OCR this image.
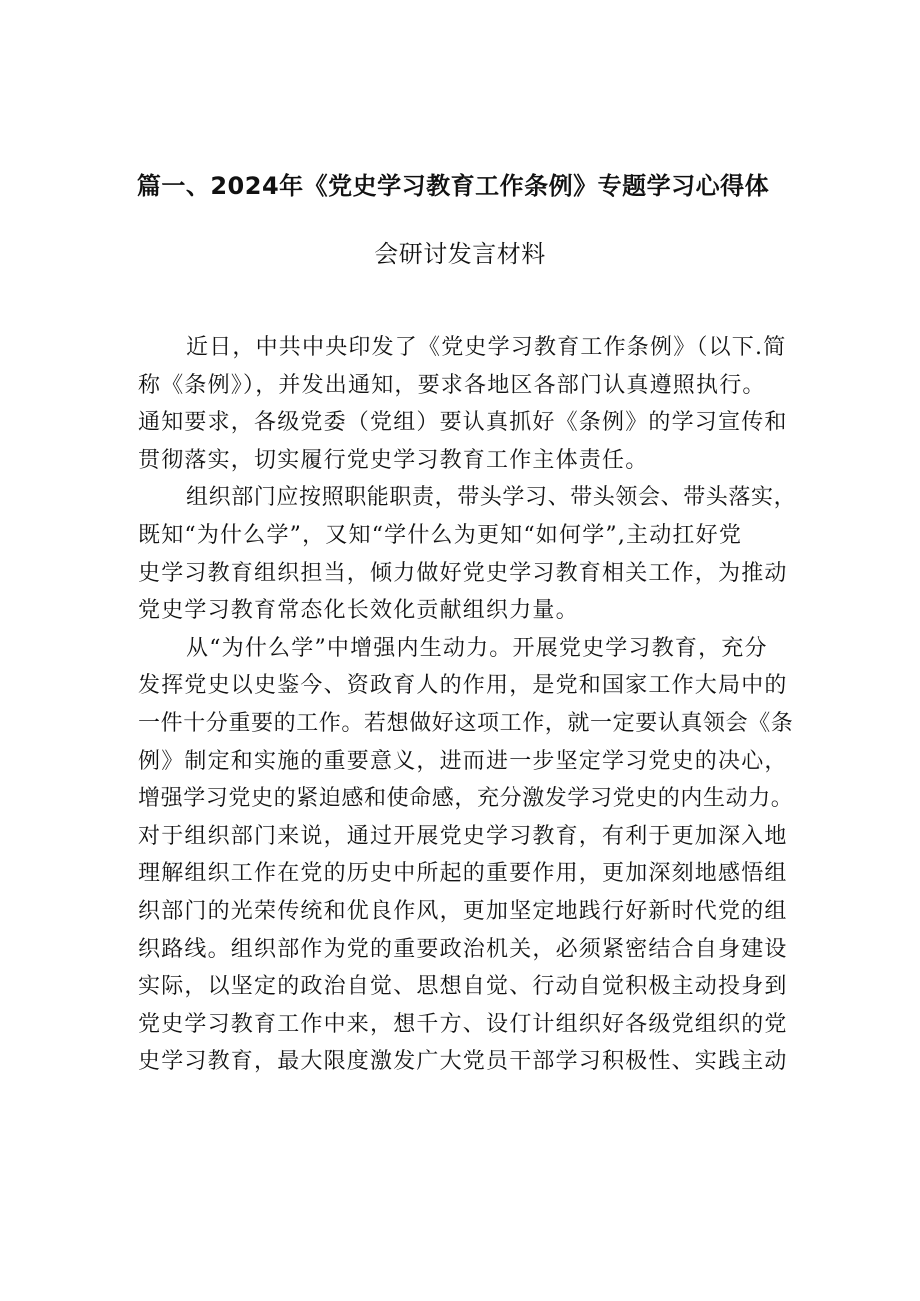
篇一、2024年《党史学习教育工作条例》专题学习心得体
会研讨发言材料
近日，中共中央印发了《党史学习教育工作条例》（以下.简
称《条例》），并发出通知，要求各地区各部门认真遵照执行。
通知要求，各级党委（党组）要认真抓好《条例》的学习宣传和
贯彻落实，切实履行党史学习教育工作主体责任。
组织部门应按照职能职责，带头学习、带头领会、带头落实，
既知“为什么学”，又知“学什么为更知“如何学”,主动扛好党
史学习教育组织担当，倾力做好党史学习教育相关工作，为推动
党史学习教育常态化长效化贡献组织力量。
从“为什么学”中增强内生动力。开展党史学习教育，充分
发挥党史以史鉴今、资政育人的作用，是党和国家工作大局中的
一件十分重要的工作。若想做好这项工作，就一定要认真领会《条
例》制定和实施的重要意义，进而进一步坚定学习党史的决心，
增强学习党史的紧迫感和使命感，充分激发学习党史的内生动力。
对于组织部门来说，通过开展党史学习教育，有利于更加深入地
理解组织工作在党的历史中所起的重要作用，更加深刻地感悟组
织部门的光荣传统和优良作风，更加坚定地践行好新时代党的组
织路线。组织部作为党的重要政治机关，必须紧密结合自身建设
实际，以坚定的政治自觉、思想自觉、行动自觉积极主动投身到
党史学习教育工作中来，想千方、设仃计组织好各级党组织的党
史学习教育，最大限度激发广大党员干部学习积极性、实践主动
